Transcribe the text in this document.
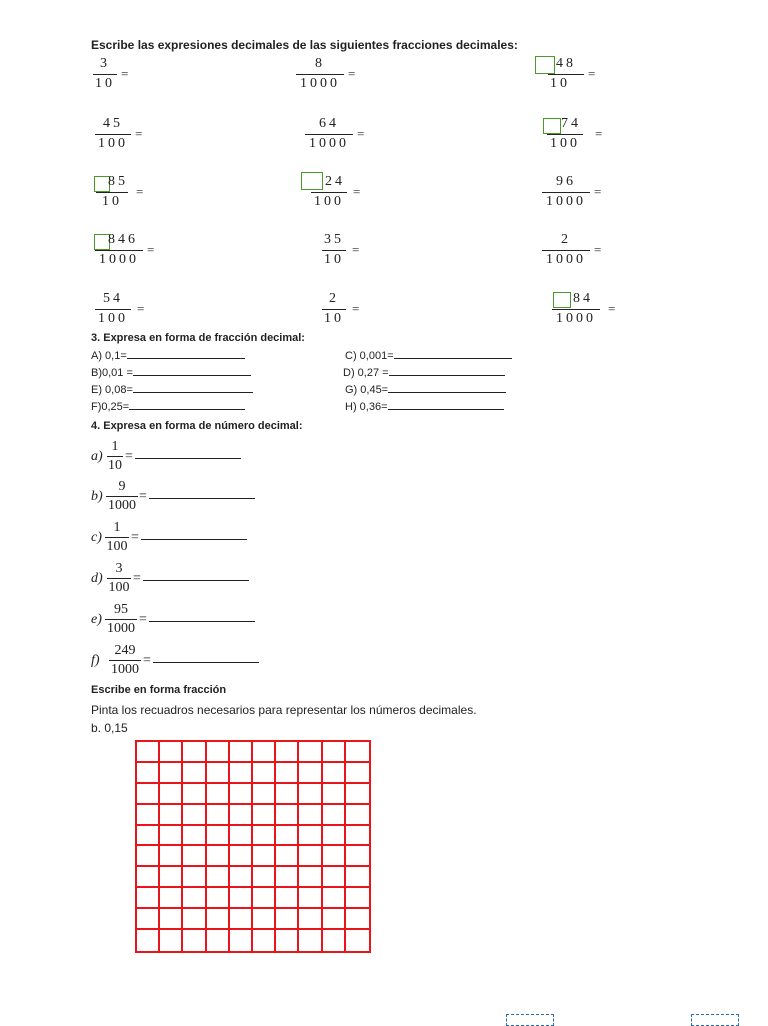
Escribe las expresiones decimales de las siguientes fracciones decimales:
3
10
=
8
1000
=
48
10
=
45
100
=
64
1000
=
74
100
=
85
10
=
24
100
=
96
1000
=
846
1000
=
35
10
=
2
1000
=
54
100
=
2
10
=
84
1000
=
3. Expresa en forma de fracción decimal:
A) 0,1=	C) 0,001=
B)0,01 =	D) 0,27 =
E) 0,08=	G) 0,45=
F)0,25=	H) 0,36=
4. Expresa en forma de número decimal:
a)
1
10
=
b)
9
1000
=
c)
1
100
=
d)
3
100
=
e)
95
1000
=
f)
249
1000
=
Escribe en forma fracción
Pinta los recuadros necesarios para representar los números decimales.
b. 0,15
